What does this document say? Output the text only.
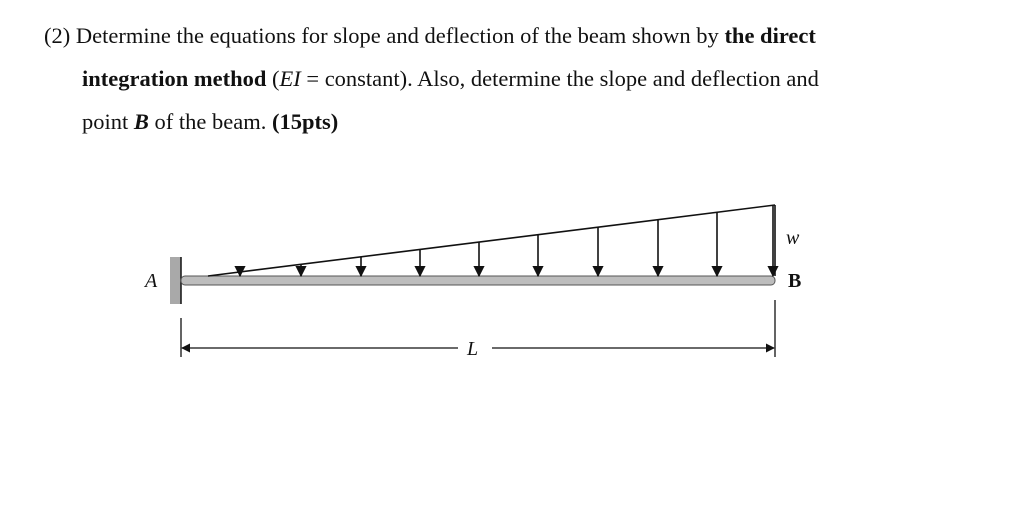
(2) Determine the equations for slope and deflection of the beam shown by the direct
integration method (EI = constant). Also, determine the slope and deflection and
point B of the beam. (15pts)
A	B
w
L
